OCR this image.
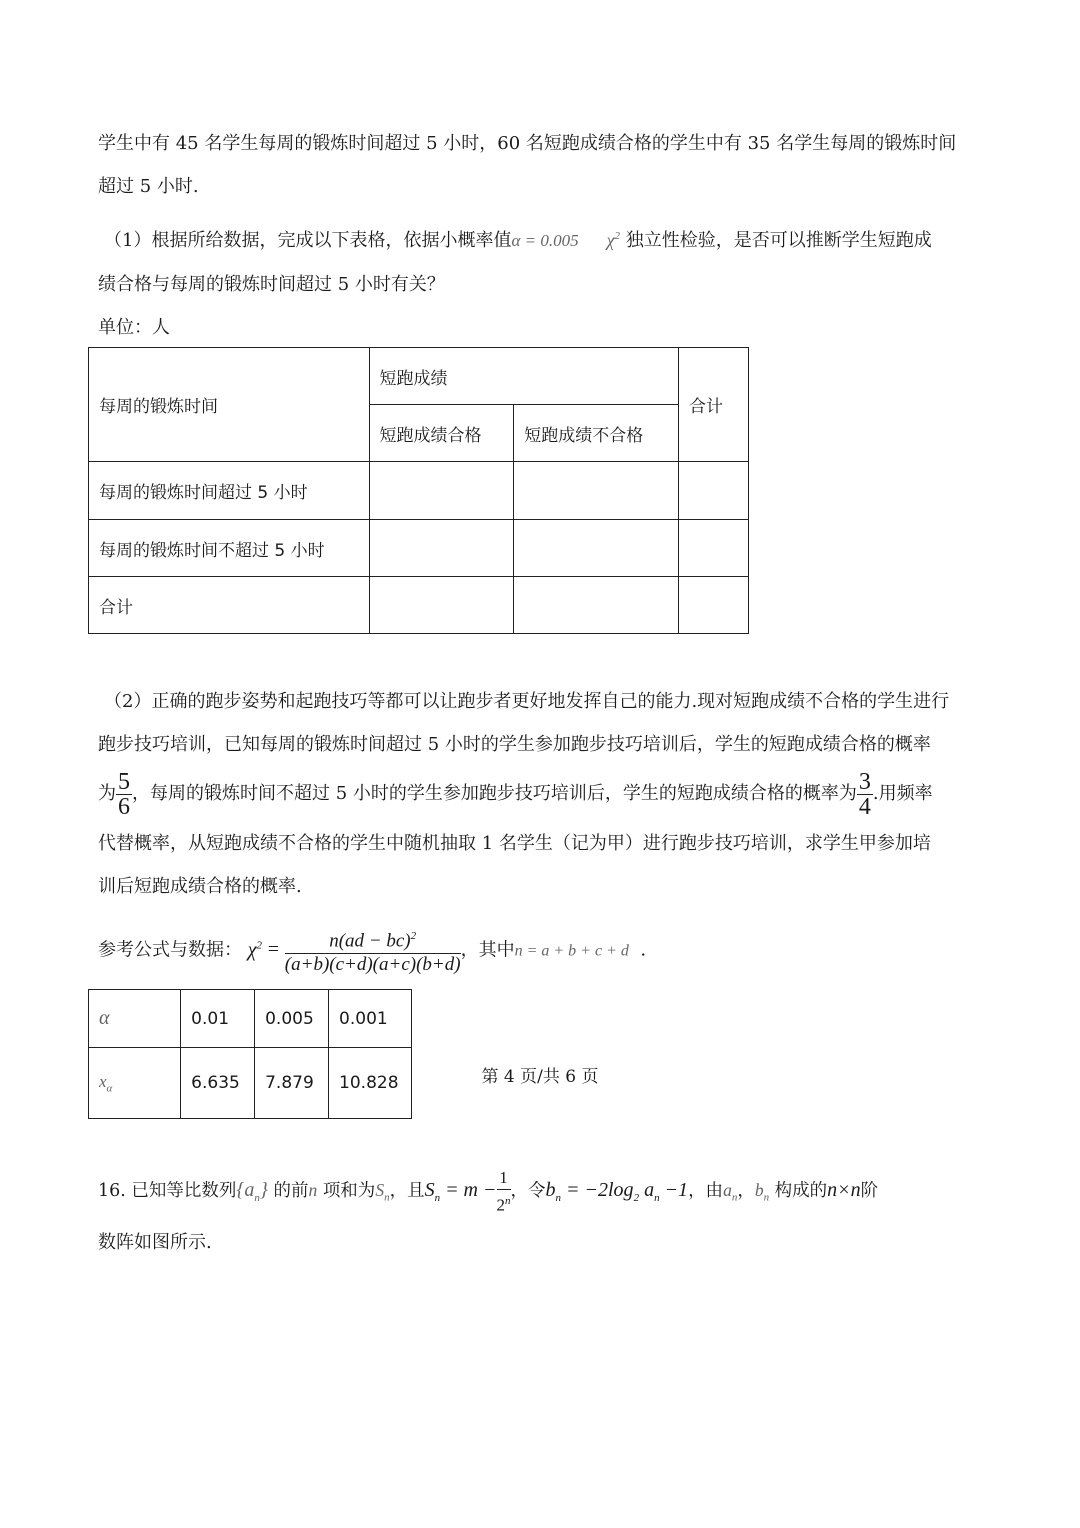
学生中有 45 名学生每周的锻炼时间超过 5 小时，60 名短跑成绩合格的学生中有 35 名学生每周的锻炼时间
超过 5 小时.
（1）根据所给数据，完成以下表格，依据小概率值α = 0.005 $\chi^2$ 独立性检验，是否可以推断学生短跑成
绩合格与每周的锻炼时间超过 5 小时有关？
单位：人
每周的锻炼时间	短跑成绩		合计
	短跑成绩合格	短跑成绩不合格	
每周的锻炼时间超过 5 小时			
每周的锻炼时间不超过 5 小时			
合计			
（2）正确的跑步姿势和起跑技巧等都可以让跑步者更好地发挥自己的能力.现对短跑成绩不合格的学生进行
跑步技巧培训，已知每周的锻炼时间超过 5 小时的学生参加跑步技巧培训后，学生的短跑成绩合格的概率
为 $\frac{5}{6}$ ，每周的锻炼时间不超过 5 小时的学生参加跑步技巧培训后，学生的短跑成绩合格的概率为 $\frac{3}{4}$ .用频率
代替概率，从短跑成绩不合格的学生中随机抽取 1 名学生（记为甲）进行跑步技巧培训，求学生甲参加培
训后短跑成绩合格的概率.
参考公式与数据： $\chi^2 = \frac{n(ad - bc)^2}{(a+b)(c+d)(a+c)(b+d)}$ ，其中n = a + b + c + d .
α	0.01	0.005	0.001
$x_\alpha$	6.635	7.879	10.828
16. 已知等比数列$\{a_n\}$ 的前n 项和为$S_n$，且$S_n = m - \frac{1}{2^n}$ ，令$b_n = -2\log_2$ $a_n -1$，由$a_n$，$b_n$ 构成的n×n阶
数阵如图所示.
第 4 页/共 6 页
